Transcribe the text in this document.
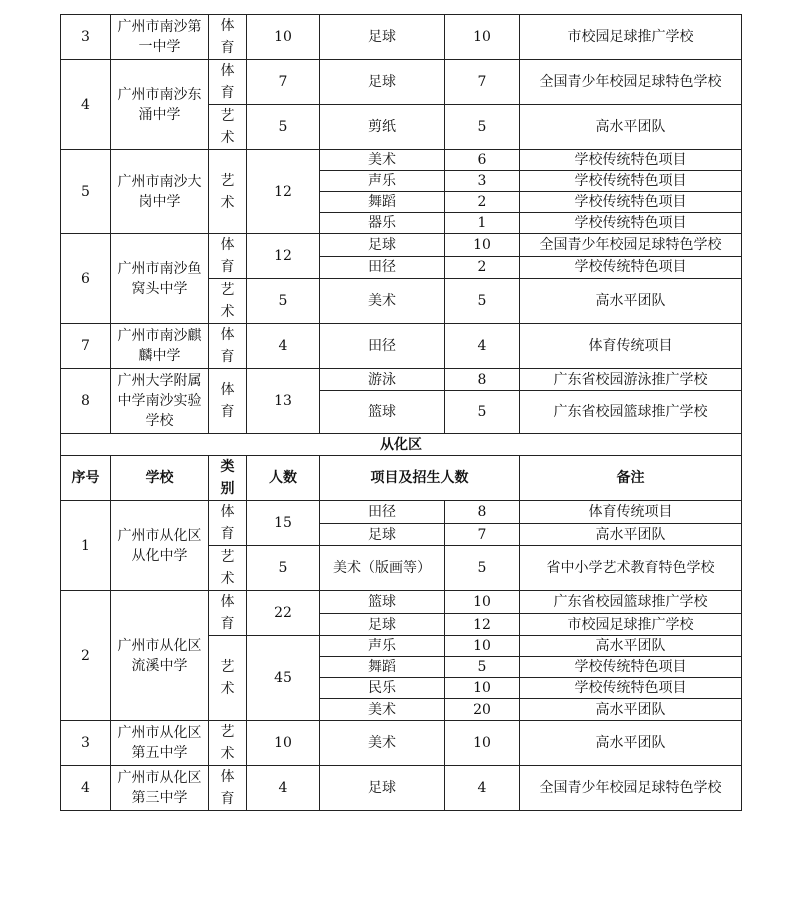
3	广州市南沙第一中学	体育	10	足球	10	市校园足球推广学校
4	广州市南沙东涌中学	体育	7	足球	7	全国青少年校园足球特色学校
		艺术	5	剪纸	5	高水平团队
5	广州市南沙大岗中学	艺术	12	美术	6	学校传统特色项目
				声乐	3	学校传统特色项目
				舞蹈	2	学校传统特色项目
				器乐	1	学校传统特色项目
6	广州市南沙鱼窝头中学	体育	12	足球	10	全国青少年校园足球特色学校
				田径	2	学校传统特色项目
		艺术	5	美术	5	高水平团队
7	广州市南沙麒麟中学	体育	4	田径	4	体育传统项目
8	广州大学附属中学南沙实验学校	体育	13	游泳	8	广东省校园游泳推广学校
				篮球	5	广东省校园篮球推广学校
从化区						
序号	学校	类别	人数	项目及招生人数		备注
1	广州市从化区从化中学	体育	15	田径	8	体育传统项目
				足球	7	高水平团队
		艺术	5	美术（版画等）	5	省中小学艺术教育特色学校
2	广州市从化区流溪中学	体育	22	篮球	10	广东省校园篮球推广学校
				足球	12	市校园足球推广学校
		艺术	45	声乐	10	高水平团队
				舞蹈	5	学校传统特色项目
				民乐	10	学校传统特色项目
				美术	20	高水平团队
3	广州市从化区第五中学	艺术	10	美术	10	高水平团队
4	广州市从化区第三中学	体育	4	足球	4	全国青少年校园足球特色学校
